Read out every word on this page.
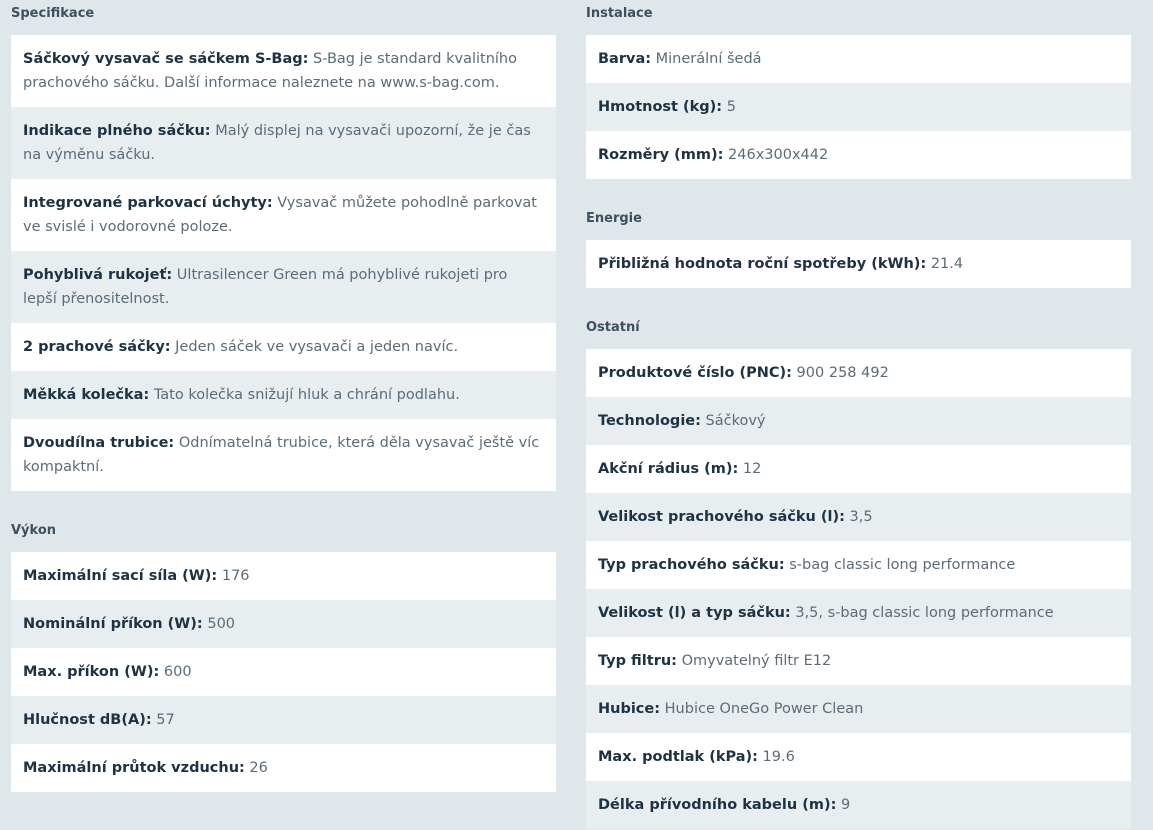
Specifikace
Sáčkový vysavač se sáčkem S-Bag: S-Bag je standard kvalitního prachového sáčku. Další informace naleznete na www.s-bag.com.
Indikace plného sáčku: Malý displej na vysavači upozorní, že je čas na výměnu sáčku.
Integrované parkovací úchyty: Vysavač můžete pohodlně parkovat ve svislé i vodorovné poloze.
Pohyblivá rukojeť: Ultrasilencer Green má pohyblivé rukojeti pro lepší přenositelnost.
2 prachové sáčky: Jeden sáček ve vysavači a jeden navíc.
Měkká kolečka: Tato kolečka snižují hluk a chrání podlahu.
Dvoudílna trubice: Odnímatelná trubice, která děla vysavač ještě víc kompaktní.
Výkon
Maximální sací síla (W): 176
Nominální příkon (W): 500
Max. příkon (W): 600
Hlučnost dB(A): 57
Maximální průtok vzduchu: 26
Instalace
Barva: Minerální šedá
Hmotnost (kg): 5
Rozměry (mm): 246x300x442
Energie
Přibližná hodnota roční spotřeby (kWh): 21.4
Ostatní
Produktové číslo (PNC): 900 258 492
Technologie: Sáčkový
Akční rádius (m): 12
Velikost prachového sáčku (l): 3,5
Typ prachového sáčku: s-bag classic long performance
Velikost (l) a typ sáčku: 3,5, s-bag classic long performance
Typ filtru: Omyvatelný filtr E12
Hubice: Hubice OneGo Power Clean
Max. podtlak (kPa): 19.6
Délka přívodního kabelu (m): 9
